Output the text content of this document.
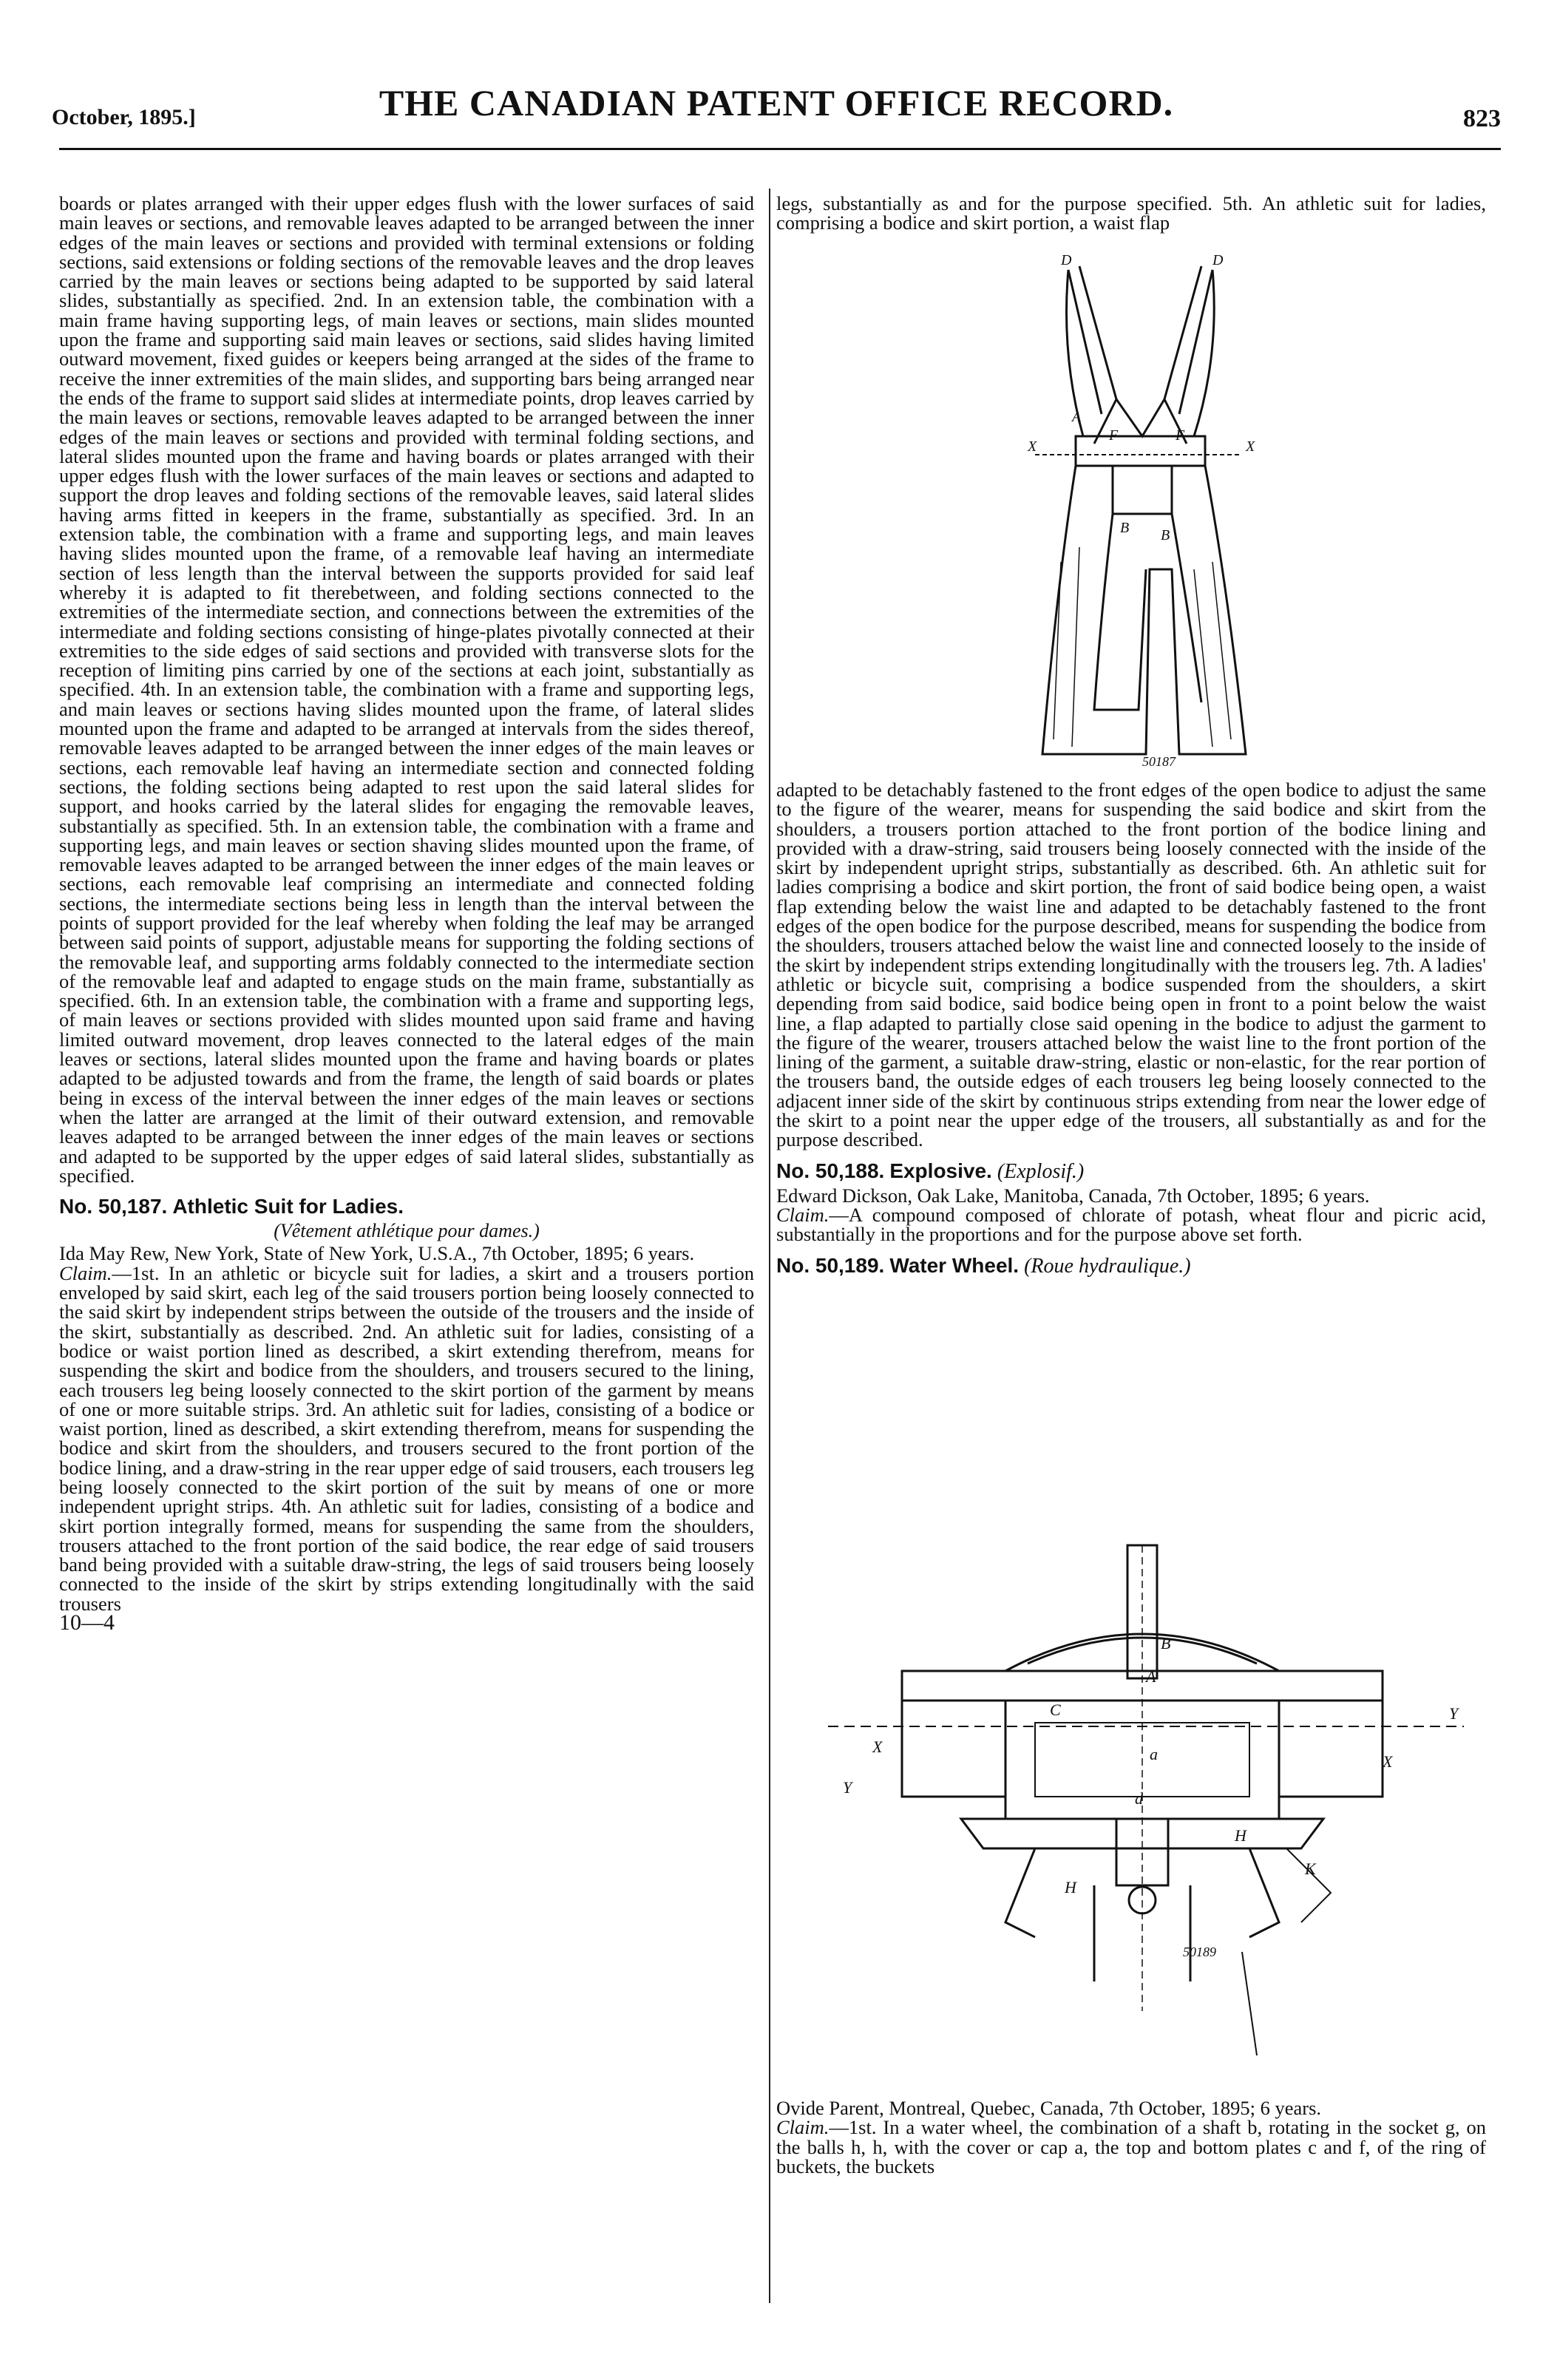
October, 1895.]	THE CANADIAN PATENT OFFICE RECORD.	823

boards or plates arranged with their upper edges flush with the lower surfaces of said main leaves or sections, and removable leaves adapted to be arranged between the inner edges of the main leaves or sections and provided with terminal extensions or folding sections, said extensions or folding sections of the removable leaves and the drop leaves carried by the main leaves or sections being adapted to be supported by said lateral slides, substantially as specified. 2nd. In an extension table, the combination with a main frame having supporting legs, of main leaves or sections, main slides mounted upon the frame and supporting said main leaves or sections, said slides having limited outward movement, fixed guides or keepers being arranged at the sides of the frame to receive the inner extremities of the main slides, and supporting bars being arranged near the ends of the frame to support said slides at intermediate points, drop leaves carried by the main leaves or sections, removable leaves adapted to be arranged between the inner edges of the main leaves or sections and provided with terminal folding sections, and lateral slides mounted upon the frame and having boards or plates arranged with their upper edges flush with the lower surfaces of the main leaves or sections and adapted to support the drop leaves and folding sections of the removable leaves, said lateral slides having arms fitted in keepers in the frame, substantially as specified. 3rd. In an extension table, the combination with a frame and supporting legs, and main leaves having slides mounted upon the frame, of a removable leaf having an intermediate section of less length than the interval between the supports provided for said leaf whereby it is adapted to fit therebetween, and folding sections connected to the extremities of the intermediate section, and connections between the extremities of the intermediate and folding sections consisting of hinge-plates pivotally connected at their extremities to the side edges of said sections and provided with transverse slots for the reception of limiting pins carried by one of the sections at each joint, substantially as specified. 4th. In an extension table, the combination with a frame and supporting legs, and main leaves or sections having slides mounted upon the frame, of lateral slides mounted upon the frame and adapted to be arranged at intervals from the sides thereof, removable leaves adapted to be arranged between the inner edges of the main leaves or sections, each removable leaf having an intermediate section and connected folding sections, the folding sections being adapted to rest upon the said lateral slides for support, and hooks carried by the lateral slides for engaging the removable leaves, substantially as specified. 5th. In an extension table, the combination with a frame and supporting legs, and main leaves or section shaving slides mounted upon the frame, of removable leaves adapted to be arranged between the inner edges of the main leaves or sections, each removable leaf comprising an intermediate and connected folding sections, the intermediate sections being less in length than the interval between the points of support provided for the leaf whereby when folding the leaf may be arranged between said points of support, adjustable means for supporting the folding sections of the removable leaf, and supporting arms foldably connected to the intermediate section of the removable leaf and adapted to engage studs on the main frame, substantially as specified. 6th. In an extension table, the combination with a frame and supporting legs, of main leaves or sections provided with slides mounted upon said frame and having limited outward movement, drop leaves connected to the lateral edges of the main leaves or sections, lateral slides mounted upon the frame and having boards or plates adapted to be adjusted towards and from the frame, the length of said boards or plates being in excess of the interval between the inner edges of the main leaves or sections when the latter are arranged at the limit of their outward extension, and removable leaves adapted to be arranged between the inner edges of the main leaves or sections and adapted to be supported by the upper edges of said lateral slides, substantially as specified.

No. 50,187. Athletic Suit for Ladies.
(Vêtement athlétique pour dames.)

Ida May Rew, New York, State of New York, U.S.A., 7th October, 1895; 6 years.

Claim.—1st. In an athletic or bicycle suit for ladies, a skirt and a trousers portion enveloped by said skirt, each leg of the said trousers portion being loosely connected to the said skirt by independent strips between the outside of the trousers and the inside of the skirt, substantially as described. 2nd. An athletic suit for ladies, consisting of a bodice or waist portion lined as described, a skirt extending therefrom, means for suspending the skirt and bodice from the shoulders, and trousers secured to the lining, each trousers leg being loosely connected to the skirt portion of the garment by means of one or more suitable strips. 3rd. An athletic suit for ladies, consisting of a bodice or waist portion, lined as described, a skirt extending therefrom, means for suspending the bodice and skirt from the shoulders, and trousers secured to the front portion of the bodice lining, and a draw-string in the rear upper edge of said trousers, each trousers leg being loosely connected to the skirt portion of the suit by means of one or more independent upright strips. 4th. An athletic suit for ladies, consisting of a bodice and skirt portion integrally formed, means for suspending the same from the shoulders, trousers attached to the front portion of the said bodice, the rear edge of said trousers band being provided with a suitable draw-string, the legs of said trousers being loosely connected to the inside of the skirt by strips extending longitudinally with the said trousers

10—4

legs, substantially as and for the purpose specified. 5th. An athletic suit for ladies, comprising a bodice and skirt portion, a waist flap

D	D
X	X
F	F
B B
A
50187

adapted to be detachably fastened to the front edges of the open bodice to adjust the same to the figure of the wearer, means for suspending the said bodice and skirt from the shoulders, a trousers portion attached to the front portion of the bodice lining and provided with a draw-string, said trousers being loosely connected with the inside of the skirt by independent upright strips, substantially as described. 6th. An athletic suit for ladies comprising a bodice and skirt portion, the front of said bodice being open, a waist flap extending below the waist line and adapted to be detachably fastened to the front edges of the open bodice for the purpose described, means for suspending the bodice from the shoulders, trousers attached below the waist line and connected loosely to the inside of the skirt by independent strips extending longitudinally with the trousers leg. 7th. A ladies' athletic or bicycle suit, comprising a bodice suspended from the shoulders, a skirt depending from said bodice, said bodice being open in front to a point below the waist line, a flap adapted to partially close said opening in the bodice to adjust the garment to the figure of the wearer, trousers attached below the waist line to the front portion of the lining of the garment, a suitable draw-string, elastic or non-elastic, for the rear portion of the trousers band, the outside edges of each trousers leg being loosely connected to the adjacent inner side of the skirt by continuous strips extending from near the lower edge of the skirt to a point near the upper edge of the trousers, all substantially as and for the purpose described.

No. 50,188. Explosive. (Explosif.)

Edward Dickson, Oak Lake, Manitoba, Canada, 7th October, 1895; 6 years.

Claim.—A compound composed of chlorate of potash, wheat flour and picric acid, substantially in the proportions and for the purpose above set forth.

No. 50,189. Water Wheel. (Roue hydraulique.)
B
A
C	Y
Y
X
X
H
H
K
d
a
50189

Ovide Parent, Montreal, Quebec, Canada, 7th October, 1895; 6 years.

Claim.—1st. In a water wheel, the combination of a shaft b, rotating in the socket g, on the balls h, h, with the cover or cap a, the top and bottom plates c and f, of the ring of buckets, the buckets
